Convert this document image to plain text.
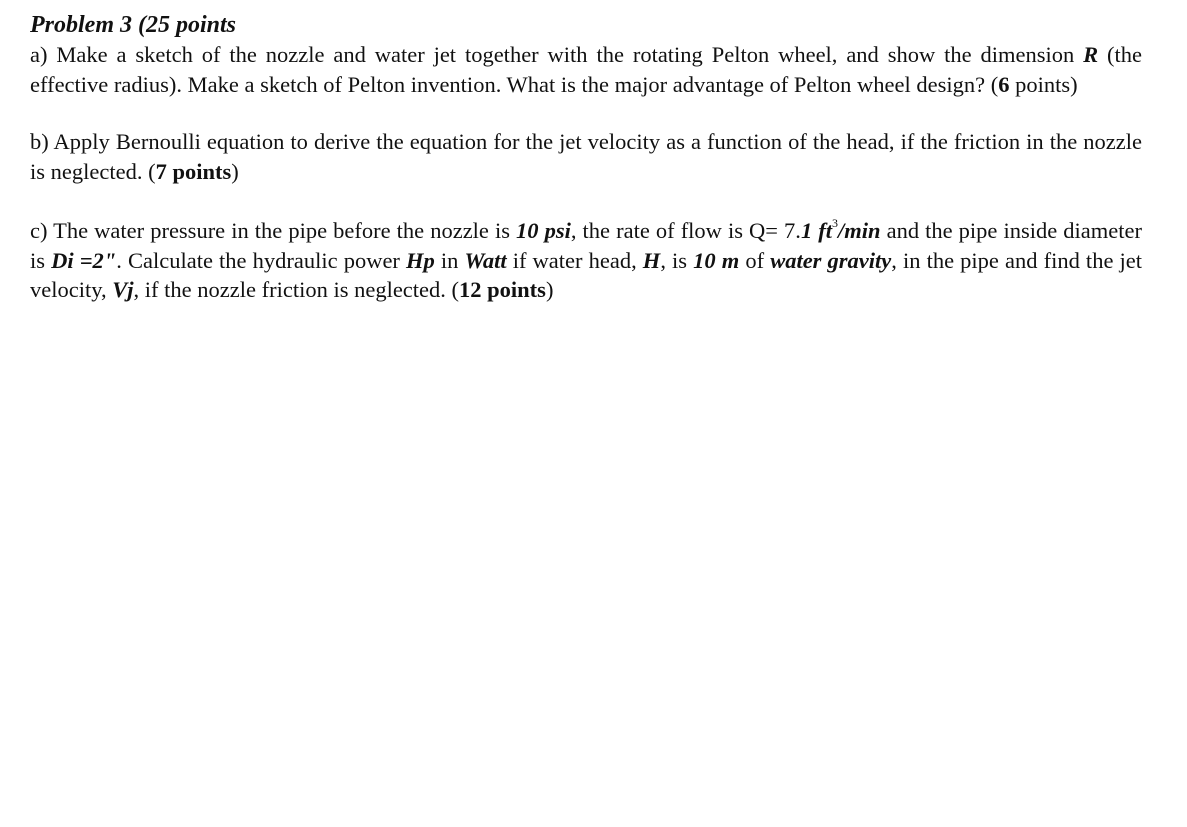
Problem 3 (25 points

a) Make a sketch of the nozzle and water jet together with the rotating Pelton wheel, and show the dimension R (the effective radius). Make a sketch of Pelton invention. What is the major advantage of Pelton wheel design? (6 points)

b) Apply Bernoulli equation to derive the equation for the jet velocity as a function of the head, if the friction in the nozzle is neglected. (7 points)

c) The water pressure in the pipe before the nozzle is 10 psi, the rate of flow is Q= 7.1 $ft^3/\min$ and the pipe inside diameter is Di =2". Calculate the hydraulic power Hp in Watt if water head, H, is 10 m of water gravity, in the pipe and find the jet velocity, Vj, if the nozzle friction is neglected. (12 points)
